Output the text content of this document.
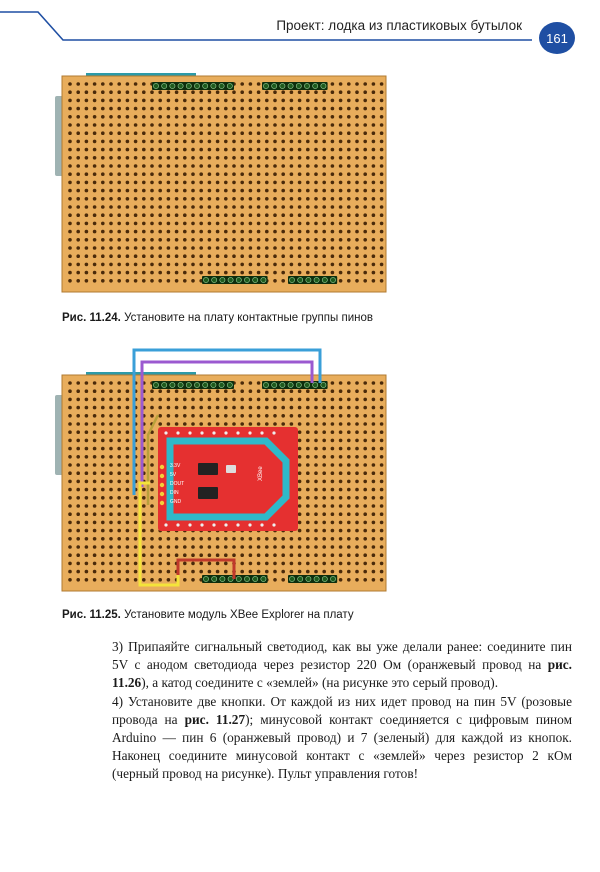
Проект: лодка из пластиковых бутылок
161
Рис. 11.24. Установите на плату контактные группы пинов
3.3V
5V
DOUT
DIN
GND
XBee
Рис. 11.25. Установите модуль XBee Explorer на плату

3) Припаяйте сигнальный светодиод, как вы уже делали ранее: соедините пин 5V с анодом светодиода через резистор 220 Ом (оранжевый провод на рис. 11.26), а катод соедините с «землей» (на рисунке это серый провод).

4) Установите две кнопки. От каждой из них идет провод на пин 5V (розовые провода на рис. 11.27); минусовой контакт соединяется с цифровым пином Arduino — пин 6 (оранжевый провод) и 7 (зеленый) для каждой из кнопок. Наконец соедините минусовой контакт с «землей» через резистор 2 кОм (черный провод на рисунке). Пульт управления готов!
